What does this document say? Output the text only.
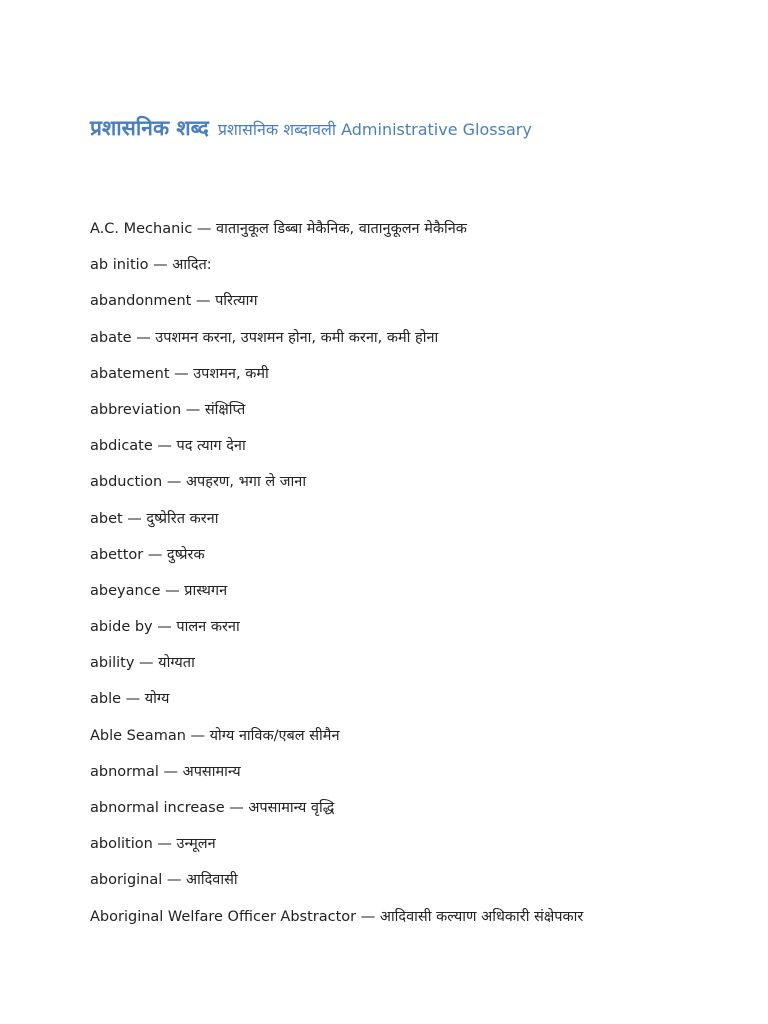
प्रशासनिक शब्द प्रशासनिक शब्दावली Administrative Glossary
A.C. Mechanic — वातानुकूल डिब्बा मेकैनिक, वातानुकूलन मेकैनिक
ab initio — आदित:
abandonment — परित्याग
abate — उपशमन करना, उपशमन होना, कमी करना, कमी होना
abatement — उपशमन, कमी
abbreviation — संक्षिप्ति
abdicate — पद त्याग देना
abduction — अपहरण, भगा ले जाना
abet — दुष्प्रेरित करना
abettor — दुष्प्रेरक
abeyance — प्रास्थगन
abide by — पालन करना
ability — योग्यता
able — योग्य
Able Seaman — योग्य नाविक/एबल सीमैन
abnormal — अपसामान्य
abnormal increase — अपसामान्य वृद्धि
abolition — उन्मूलन
aboriginal — आदिवासी
Aboriginal Welfare Officer Abstractor — आदिवासी कल्याण अधिकारी संक्षेपकार
